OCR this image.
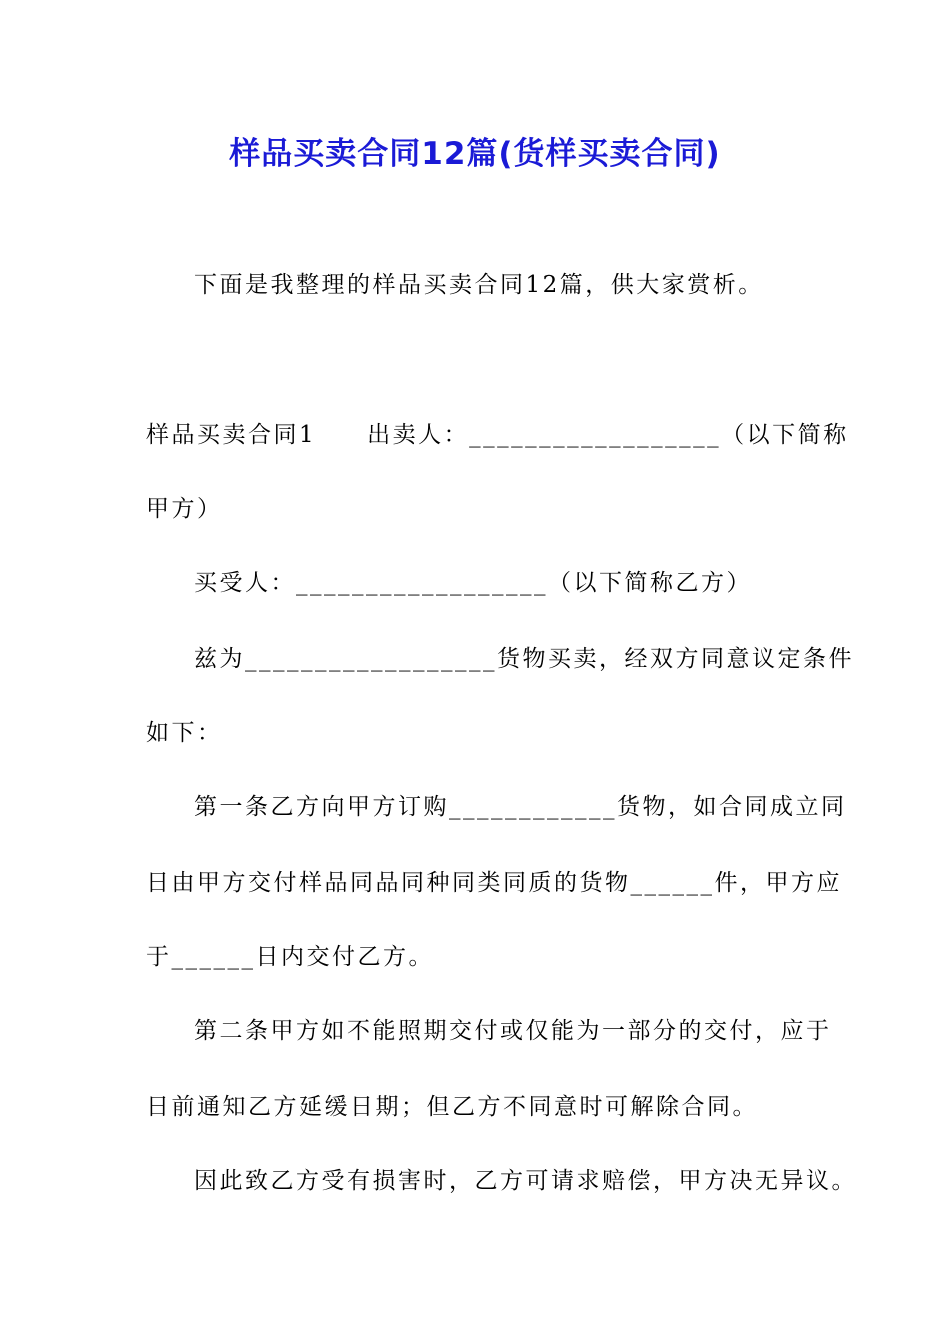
样品买卖合同12篇(货样买卖合同)
下面是我整理的样品买卖合同12篇，供大家赏析。
样品买卖合同1　　出卖人：__________________（以下简称
甲方）
买受人：__________________（以下简称乙方）
兹为__________________货物买卖，经双方同意议定条件
如下：
第一条乙方向甲方订购____________货物，如合同成立同
日由甲方交付样品同品同种同类同质的货物______件，甲方应
于______日内交付乙方。
第二条甲方如不能照期交付或仅能为一部分的交付，应于
日前通知乙方延缓日期；但乙方不同意时可解除合同。
因此致乙方受有损害时，乙方可请求赔偿，甲方决无异议。
